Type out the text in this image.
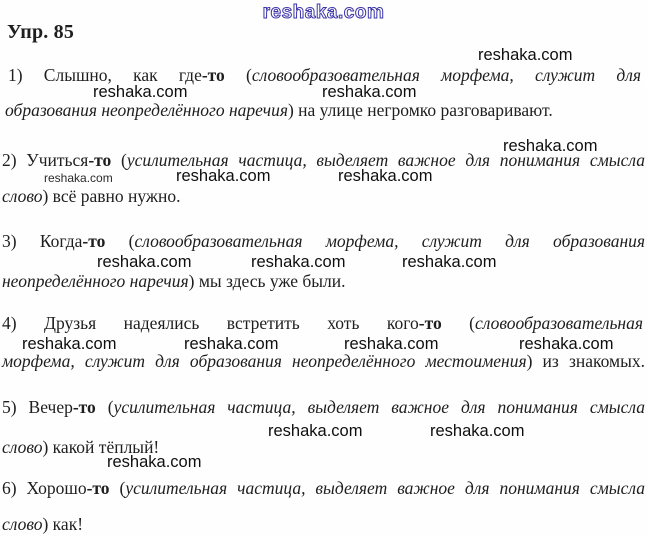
reshaka.com
Упр. 85
reshaka.com
reshaka.com	reshaka.com
reshaka.com
reshaka.com	reshaka.com	reshaka.com
reshaka.com	reshaka.com	reshaka.com
reshaka.com	reshaka.com	reshaka.com	reshaka.com
reshaka.com	reshaka.com
reshaka.com
1) Слышно, как где-то (словообразовательная морфема, служит для
образования неопределённого наречия) на улице негромко разговаривают.
2) Учиться-то (усилительная частица, выделяет важное для понимания смысла
слово) всё равно нужно.
3) Когда-то (словообразовательная морфема, служит для образования
неопределённого наречия) мы здесь уже были.
4) Друзья надеялись встретить хоть кого-то (словообразовательная
морфема, служит для образования неопределённого местоимения) из знакомых.
5) Вечер-то (усилительная частица, выделяет важное для понимания смысла
слово) какой тёплый!
6) Хорошо-то (усилительная частица, выделяет важное для понимания смысла
слово) как!
